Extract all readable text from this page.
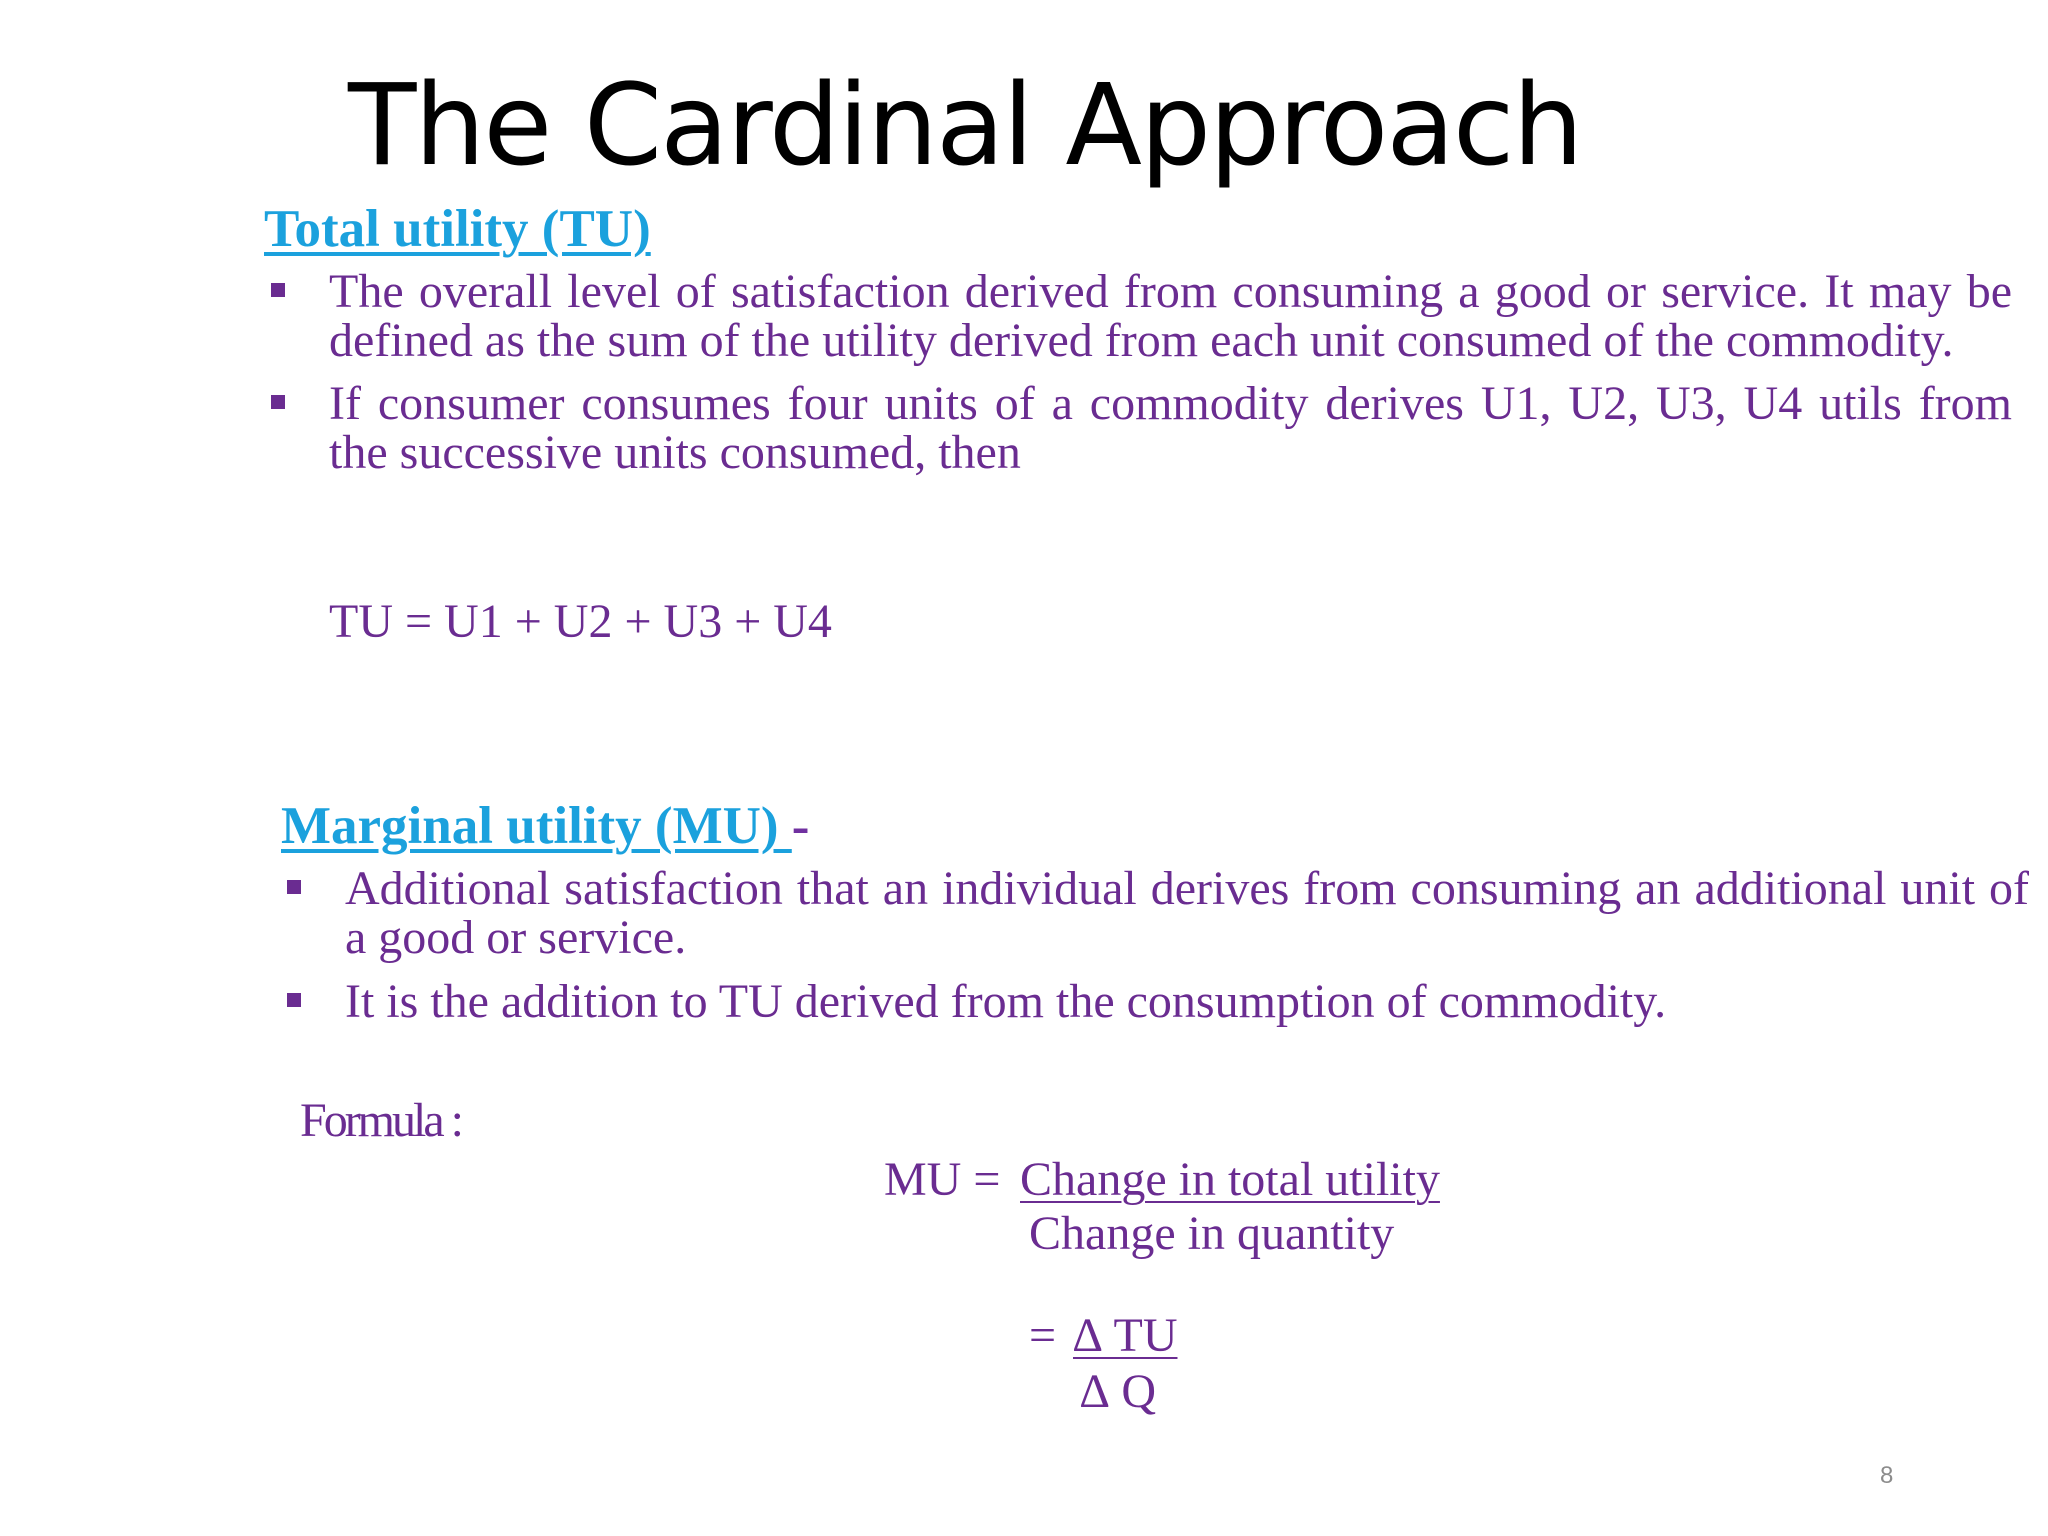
The Cardinal Approach
Total utility (TU)
The overall level of satisfaction derived from consuming a good or service. It may be defined as the sum of the utility derived from each unit consumed of the commodity.
If consumer consumes four units of a commodity derives U1, U2, U3, U4 utils from the successive units consumed, then
TU = U1 + U2 + U3 + U4
Marginal utility (MU) -
Additional satisfaction that an individual derives from consuming an additional unit of a good or service.
It is the addition to TU derived from the consumption of commodity.
Formula :
MU = Change in total utility
Change in quantity
= ∆ TU
∆ Q
8
